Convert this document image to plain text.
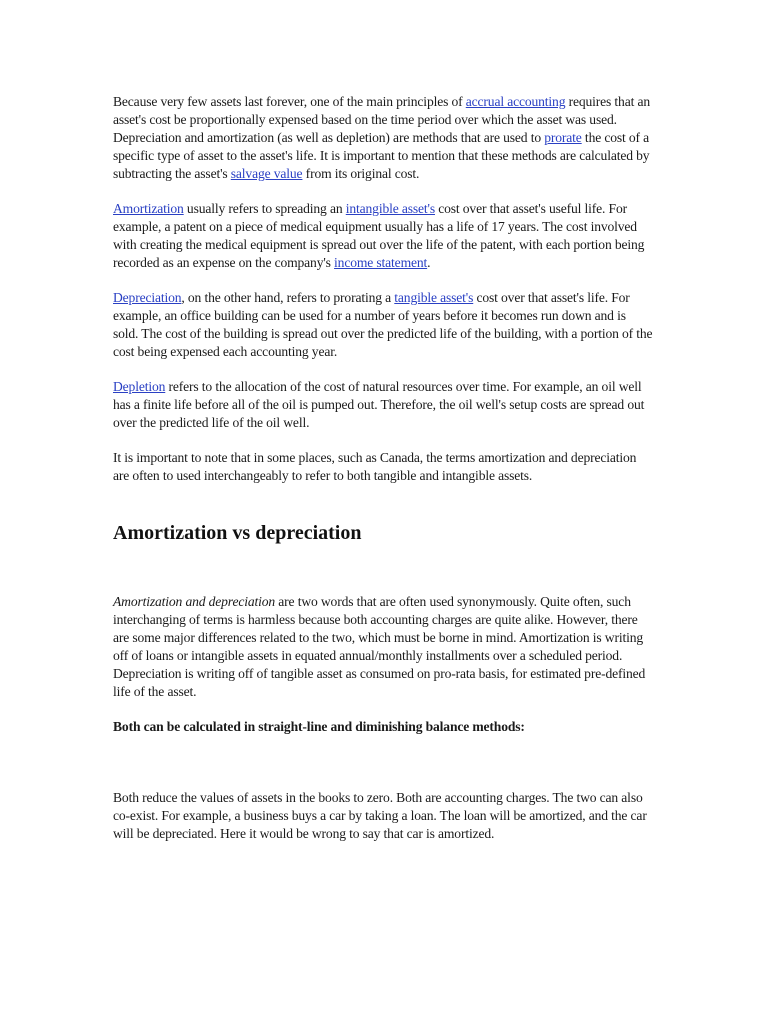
Because very few assets last forever, one of the main principles of accrual accounting requires that an asset's cost be proportionally expensed based on the time period over which the asset was used. Depreciation and amortization (as well as depletion) are methods that are used to prorate the cost of a specific type of asset to the asset's life. It is important to mention that these methods are calculated by subtracting the asset's salvage value from its original cost.

Amortization usually refers to spreading an intangible asset's cost over that asset's useful life. For example, a patent on a piece of medical equipment usually has a life of 17 years. The cost involved with creating the medical equipment is spread out over the life of the patent, with each portion being recorded as an expense on the company's income statement.

Depreciation, on the other hand, refers to prorating a tangible asset's cost over that asset's life. For example, an office building can be used for a number of years before it becomes run down and is sold. The cost of the building is spread out over the predicted life of the building, with a portion of the cost being expensed each accounting year.

Depletion refers to the allocation of the cost of natural resources over time. For example, an oil well has a finite life before all of the oil is pumped out. Therefore, the oil well's setup costs are spread out over the predicted life of the oil well.

It is important to note that in some places, such as Canada, the terms amortization and depreciation are often to used interchangeably to refer to both tangible and intangible assets.

Amortization vs depreciation

Amortization and depreciation are two words that are often used synonymously. Quite often, such interchanging of terms is harmless because both accounting charges are quite alike. However, there are some major differences related to the two, which must be borne in mind. Amortization is writing off of loans or intangible assets in equated annual/monthly installments over a scheduled period. Depreciation is writing off of tangible asset as consumed on pro-rata basis, for estimated pre-defined life of the asset.

Both can be calculated in straight-line and diminishing balance methods:

Both reduce the values of assets in the books to zero. Both are accounting charges. The two can also co-exist. For example, a business buys a car by taking a loan. The loan will be amortized, and the car will be depreciated. Here it would be wrong to say that car is amortized.
